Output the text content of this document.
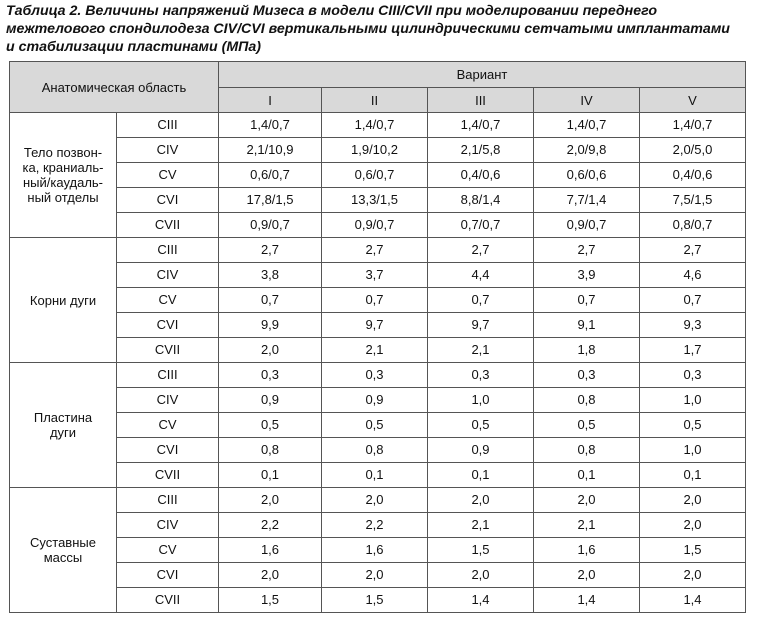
Таблица 2. Величины напряжений Мизеса в модели CIII/CVII при моделировании переднего
межтелового спондилодеза CIV/CVI вертикальными цилиндрическими сетчатыми имплантатами
и стабилизации пластинами (МПа)
Анатомическая область		Вариант				
		I	II	III	IV	V

Тело позвон-
ка, краниаль-
ный/каудаль-
ный отделы	CIII	1,4/0,7	1,4/0,7	1,4/0,7	1,4/0,7	1,4/0,7
	CIV	2,1/10,9	1,9/10,2	2,1/5,8	2,0/9,8	2,0/5,0
	CV	0,6/0,7	0,6/0,7	0,4/0,6	0,6/0,6	0,4/0,6
	CVI	17,8/1,5	13,3/1,5	8,8/1,4	7,7/1,4	7,5/1,5
	CVII	0,9/0,7	0,9/0,7	0,7/0,7	0,9/0,7	0,8/0,7

Корни дуги	CIII	2,7	2,7	2,7	2,7	2,7
	CIV	3,8	3,7	4,4	3,9	4,6
	CV	0,7	0,7	0,7	0,7	0,7
	CVI	9,9	9,7	9,7	9,1	9,3
	CVII	2,0	2,1	2,1	1,8	1,7

Пластина
дуги	CIII	0,3	0,3	0,3	0,3	0,3
	CIV	0,9	0,9	1,0	0,8	1,0
	CV	0,5	0,5	0,5	0,5	0,5
	CVI	0,8	0,8	0,9	0,8	1,0
	CVII	0,1	0,1	0,1	0,1	0,1

Суставные
массы	CIII	2,0	2,0	2,0	2,0	2,0
	CIV	2,2	2,2	2,1	2,1	2,0
	CV	1,6	1,6	1,5	1,6	1,5
	CVI	2,0	2,0	2,0	2,0	2,0
	CVII	1,5	1,5	1,4	1,4	1,4
